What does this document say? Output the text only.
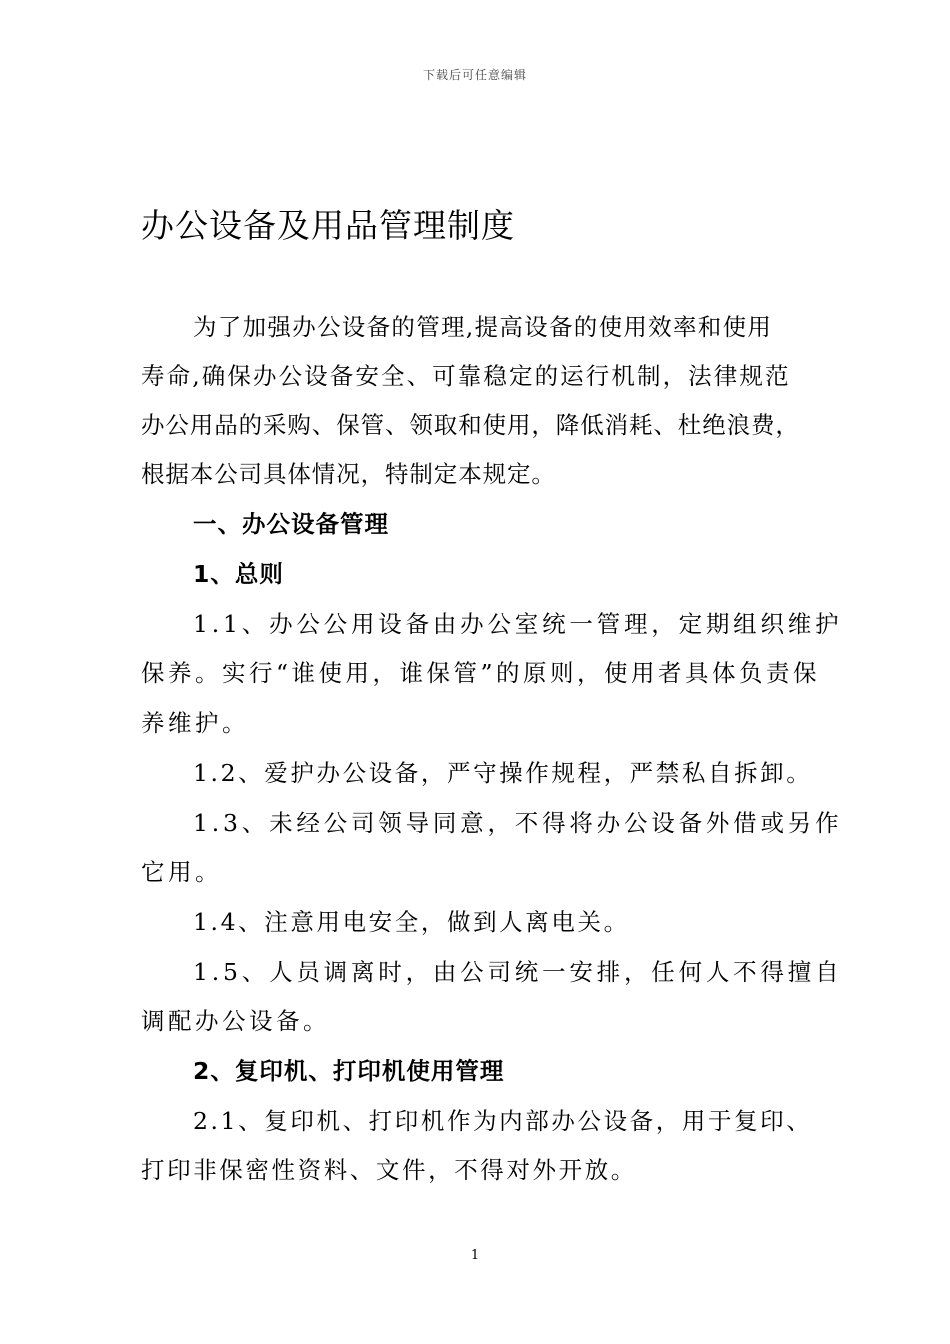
下载后可任意编辑
办公设备及用品管理制度
为了加强办公设备的管理,提高设备的使用效率和使用
寿命,确保办公设备安全、可靠稳定的运行机制，法律规范
办公用品的采购、保管、领取和使用，降低消耗、杜绝浪费，
根据本公司具体情况，特制定本规定。
一、办公设备管理
1、总则
1.1、办公公用设备由办公室统一管理，定期组织维护
保养。实行“谁使用，谁保管”的原则，使用者具体负责保
养维护。
1.2、爱护办公设备，严守操作规程，严禁私自拆卸。
1.3、未经公司领导同意，不得将办公设备外借或另作
它用。
1.4、注意用电安全，做到人离电关。
1.5、人员调离时，由公司统一安排，任何人不得擅自
调配办公设备。
2、复印机、打印机使用管理
2.1、复印机、打印机作为内部办公设备，用于复印、
打印非保密性资料、文件，不得对外开放。
1
